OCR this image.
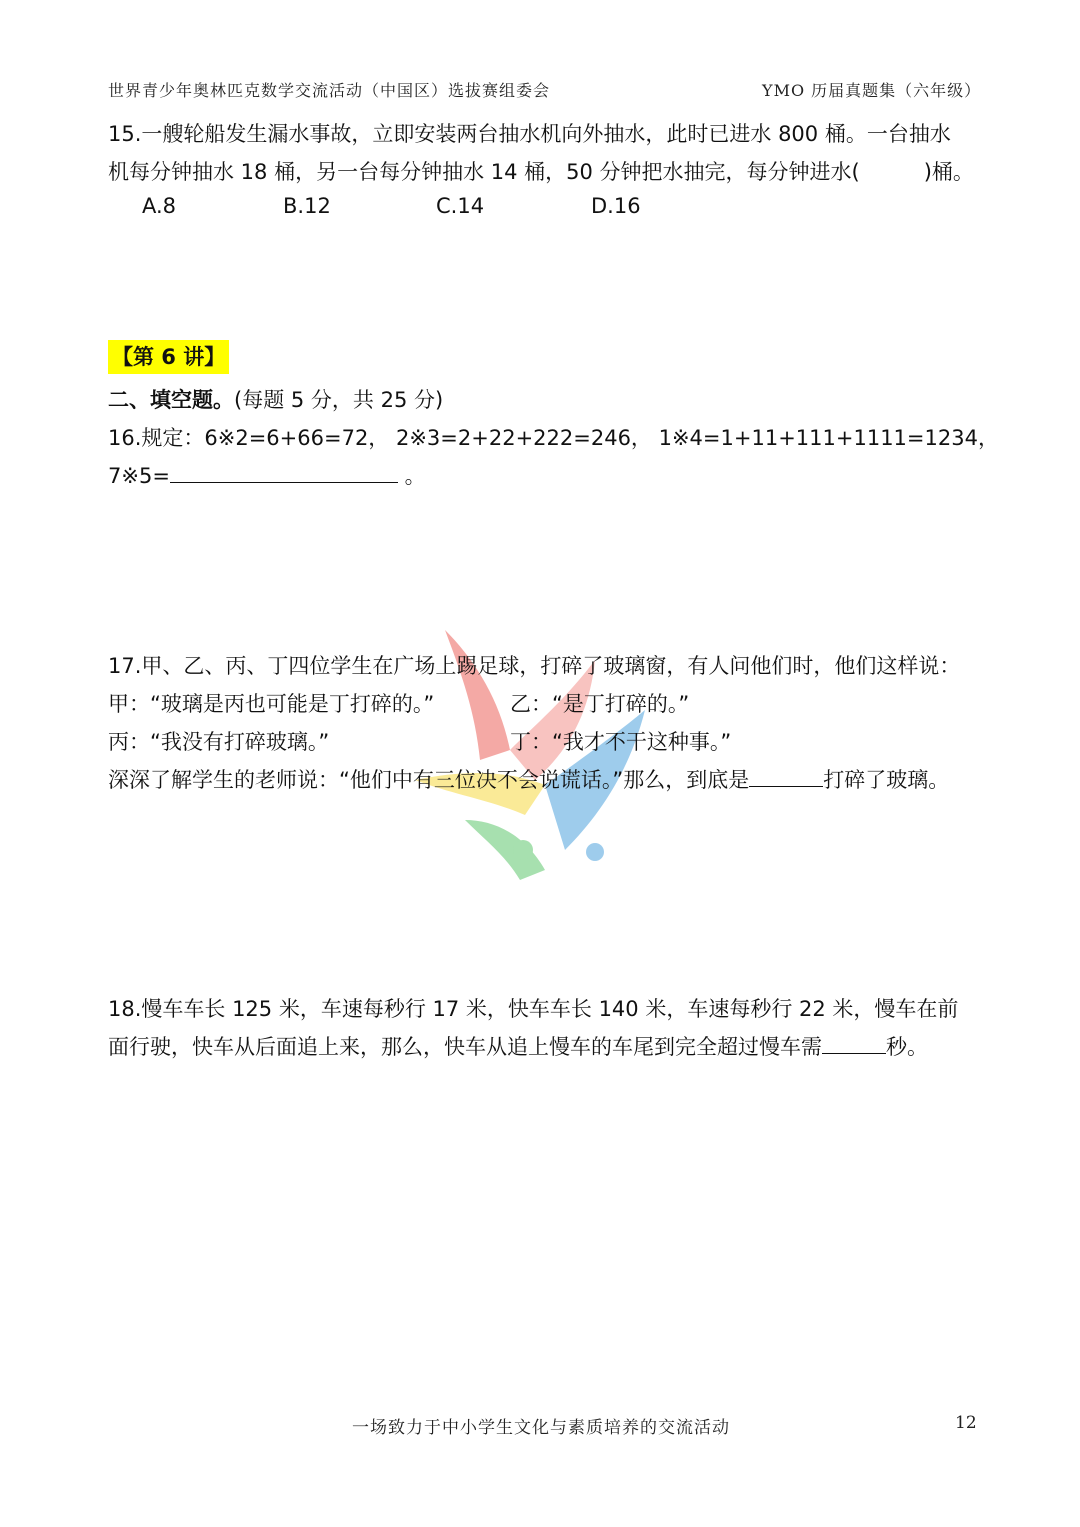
世界青少年奥林匹克数学交流活动（中国区）选拔赛组委会	YMO 历届真题集（六年级）
15.一艘轮船发生漏水事故，立即安装两台抽水机向外抽水，此时已进水 800 桶。一台抽水
机每分钟抽水 18 桶，另一台每分钟抽水 14 桶，50 分钟把水抽完，每分钟进水(	)桶。
A.8	B.12	C.14	D.16
【第 6 讲】
二、填空题。(每题 5 分，共 25 分)
16.规定：6※2=6+66=72， 2※3=2+22+222=246， 1※4=1+11+111+1111=1234，
7※5=	。
17.甲、乙、丙、丁四位学生在广场上踢足球，打碎了玻璃窗，有人问他们时，他们这样说：
甲：“玻璃是丙也可能是丁打碎的。”	乙：“是丁打碎的。”
丙：“我没有打碎玻璃。”	丁：“我才不干这种事。”
深深了解学生的老师说：“他们中有三位决不会说谎话。”那么，到底是	打碎了玻璃。
18.慢车车长 125 米，车速每秒行 17 米，快车车长 140 米，车速每秒行 22 米，慢车在前
面行驶，快车从后面追上来，那么，快车从追上慢车的车尾到完全超过慢车需	秒。
一场致力于中小学生文化与素质培养的交流活动	12
